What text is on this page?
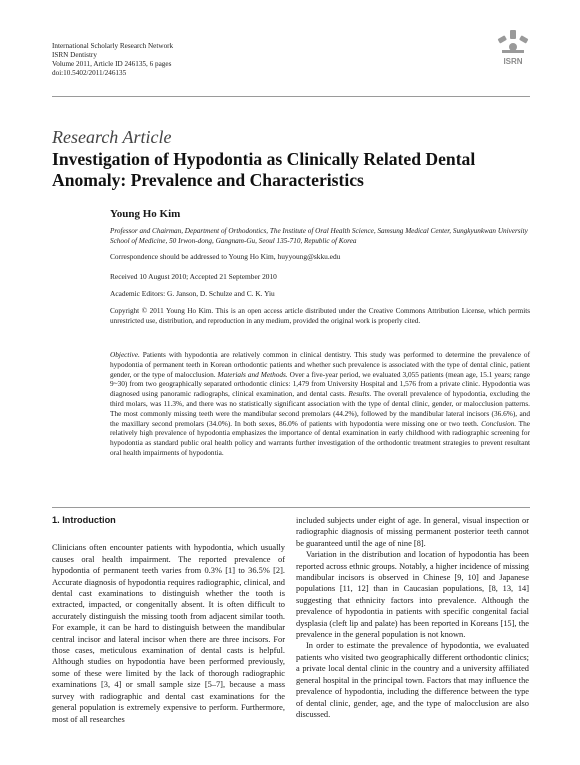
International Scholarly Research Network
ISRN Dentistry
Volume 2011, Article ID 246135, 6 pages
doi:10.5402/2011/246135
ISRN
Research Article
Investigation of Hypodontia as Clinically Related Dental Anomaly: Prevalence and Characteristics
Young Ho Kim
Professor and Chairman, Department of Orthodontics, The Institute of Oral Health Science, Samsung Medical Center, Sungkyunkwan University School of Medicine, 50 Irwon-dong, Gangnam-Gu, Seoul 135-710, Republic of Korea
Correspondence should be addressed to Young Ho Kim, huyyoung@skku.edu
Received 10 August 2010; Accepted 21 September 2010
Academic Editors: G. Janson, D. Schulze and C. K. Yiu
Copyright © 2011 Young Ho Kim. This is an open access article distributed under the Creative Commons Attribution License, which permits unrestricted use, distribution, and reproduction in any medium, provided the original work is properly cited.
Objective. Patients with hypodontia are relatively common in clinical dentistry. This study was performed to determine the prevalence of hypodontia of permanent teeth in Korean orthodontic patients and whether such prevalence is associated with the type of dental clinic, patient gender, or the type of malocclusion. Materials and Methods. Over a five-year period, we evaluated 3,055 patients (mean age, 15.1 years; range 9~30) from two geographically separated orthodontic clinics: 1,479 from University Hospital and 1,576 from a private clinic. Hypodontia was diagnosed using panoramic radiographs, clinical examination, and dental casts. Results. The overall prevalence of hypodontia, excluding the third molars, was 11.3%, and there was no statistically significant association with the type of dental clinic, gender, or malocclusion patterns. The most commonly missing teeth were the mandibular second premolars (44.2%), followed by the mandibular lateral incisors (36.6%), and the maxillary second premolars (34.0%). In both sexes, 86.0% of patients with hypodontia were missing one or two teeth. Conclusion. The relatively high prevalence of hypodontia emphasizes the importance of dental examination in early childhood with radiographic screening for hypodontia as standard public oral health policy and warrants further investigation of the orthodontic treatment strategies to prevent resultant oral health impairments of hypodontia.
1. Introduction

Clinicians often encounter patients with hypodontia, which usually causes oral health impairment. The reported prevalence of hypodontia of permanent teeth varies from 0.3% [1] to 36.5% [2]. Accurate diagnosis of hypodontia requires radiographic, clinical, and dental cast examinations to distinguish whether the tooth is extracted, impacted, or congenitally absent. It is often difficult to accurately distinguish the missing tooth from adjacent similar tooth. For example, it can be hard to distinguish between the mandibular central incisor and lateral incisor when there are three incisors. For those cases, meticulous examination of dental casts is helpful. Although studies on hypodontia have been performed previously, some of these were limited by the lack of thorough radiographic examinations [3, 4] or small sample size [5–7], because a mass survey with radiographic and dental cast examinations for the general population is extremely expensive to perform. Furthermore, most of all researches

included subjects under eight of age. In general, visual inspection or radiographic diagnosis of missing permanent posterior teeth cannot be guaranteed until the age of nine [8].

Variation in the distribution and location of hypodontia has been reported across ethnic groups. Notably, a higher incidence of missing mandibular incisors is observed in Chinese [9, 10] and Japanese populations [11, 12] than in Caucasian populations, [8, 13, 14] suggesting that ethnicity factors into prevalence. Although the prevalence of hypodontia in patients with specific congenital facial dysplasia (cleft lip and palate) has been reported in Koreans [15], the prevalence in the general population is not known.

In order to estimate the prevalence of hypodontia, we evaluated patients who visited two geographically different orthodontic clinics; a private local dental clinic in the country and a university affiliated general hospital in the principal town. Factors that may influence the prevalence of hypodontia, including the difference between the type of dental clinic, gender, age, and the type of malocclusion are also discussed.
